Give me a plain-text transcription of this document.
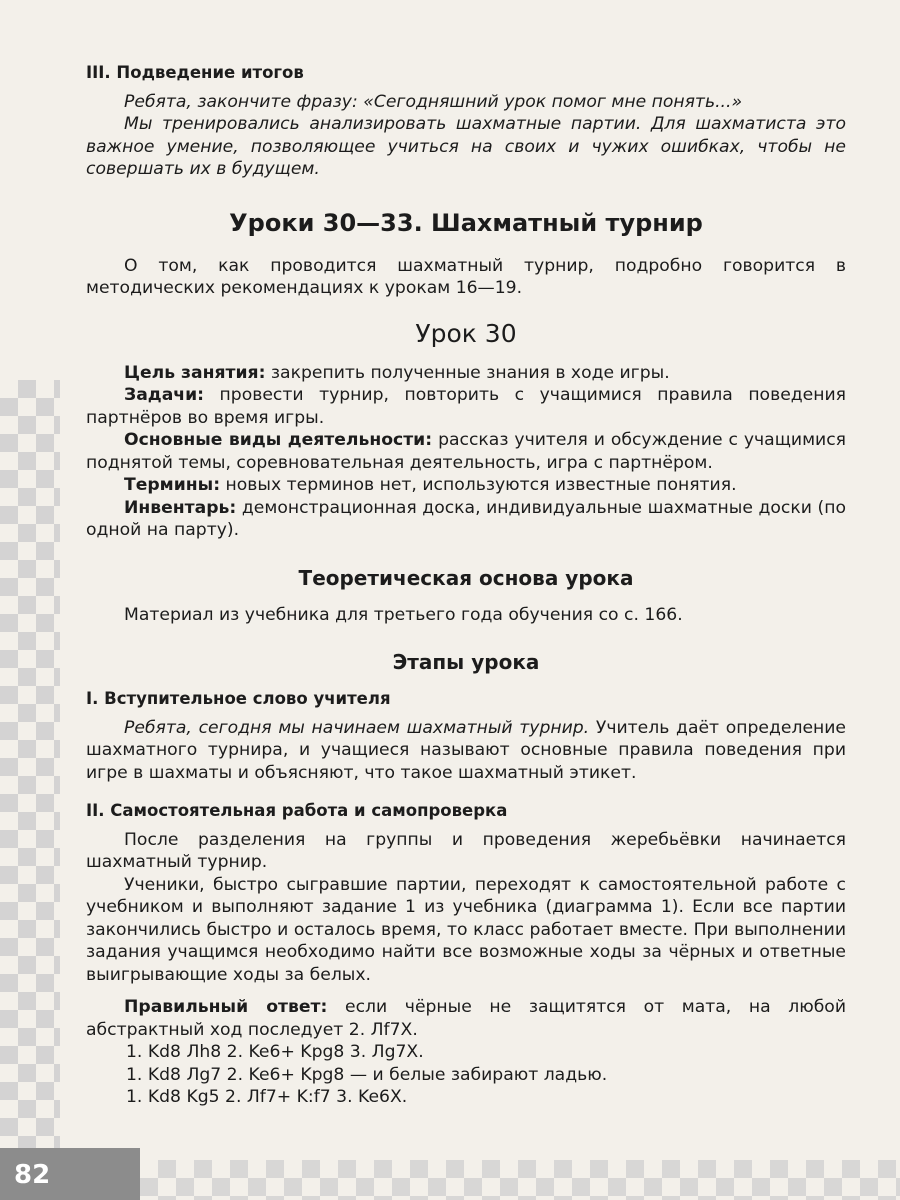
82
III. Подведение итогов

Ребята, закончите фразу: «Сегодняшний урок помог мне понять...»

Мы тренировались анализировать шахматные партии. Для шахматиста это важное умение, позволяющее учиться на своих и чужих ошибках, чтобы не совершать их в будущем.

Уроки 30—33. Шахматный турнир

О том, как проводится шахматный турнир, подробно говорится в методических рекомендациях к урокам 16—19.

Урок 30

Цель занятия: закрепить полученные знания в ходе игры.

Задачи: провести турнир, повторить с учащимися правила поведения партнёров во время игры.

Основные виды деятельности: рассказ учителя и обсуждение с учащимися поднятой темы, соревновательная деятельность, игра с партнёром.

Термины: новых терминов нет, используются известные понятия.

Инвентарь: демонстрационная доска, индивидуальные шахматные доски (по одной на парту).

Теоретическая основа урока

Материал из учебника для третьего года обучения со с. 166.

Этапы урока
I. Вступительное слово учителя

Ребята, сегодня мы начинаем шахматный турнир. Учитель даёт определение шахматного турнира, и учащиеся называют основные правила поведения при игре в шахматы и объясняют, что такое шахматный этикет.

II. Самостоятельная работа и самопроверка

После разделения на группы и проведения жеребьёвки начинается шахматный турнир.

Ученики, быстро сыгравшие партии, переходят к самостоятельной работе с учебником и выполняют задание 1 из учебника (диаграмма 1). Если все партии закончились быстро и осталось время, то класс работает вместе. При выполнении задания учащимся необходимо найти все возможные ходы за чёрных и ответные выигрывающие ходы за белых.

Правильный ответ: если чёрные не защитятся от мата, на любой абстрактный ход последует 2. Лf7Х.

1. Kd8 Лh8 2. Ke6+ Kpg8 3. Лg7X.
1. Kd8 Лg7 2. Ke6+ Kpg8 — и белые забирают ладью.
1. Kd8 Kg5 2. Лf7+ K:f7 3. Ke6X.
